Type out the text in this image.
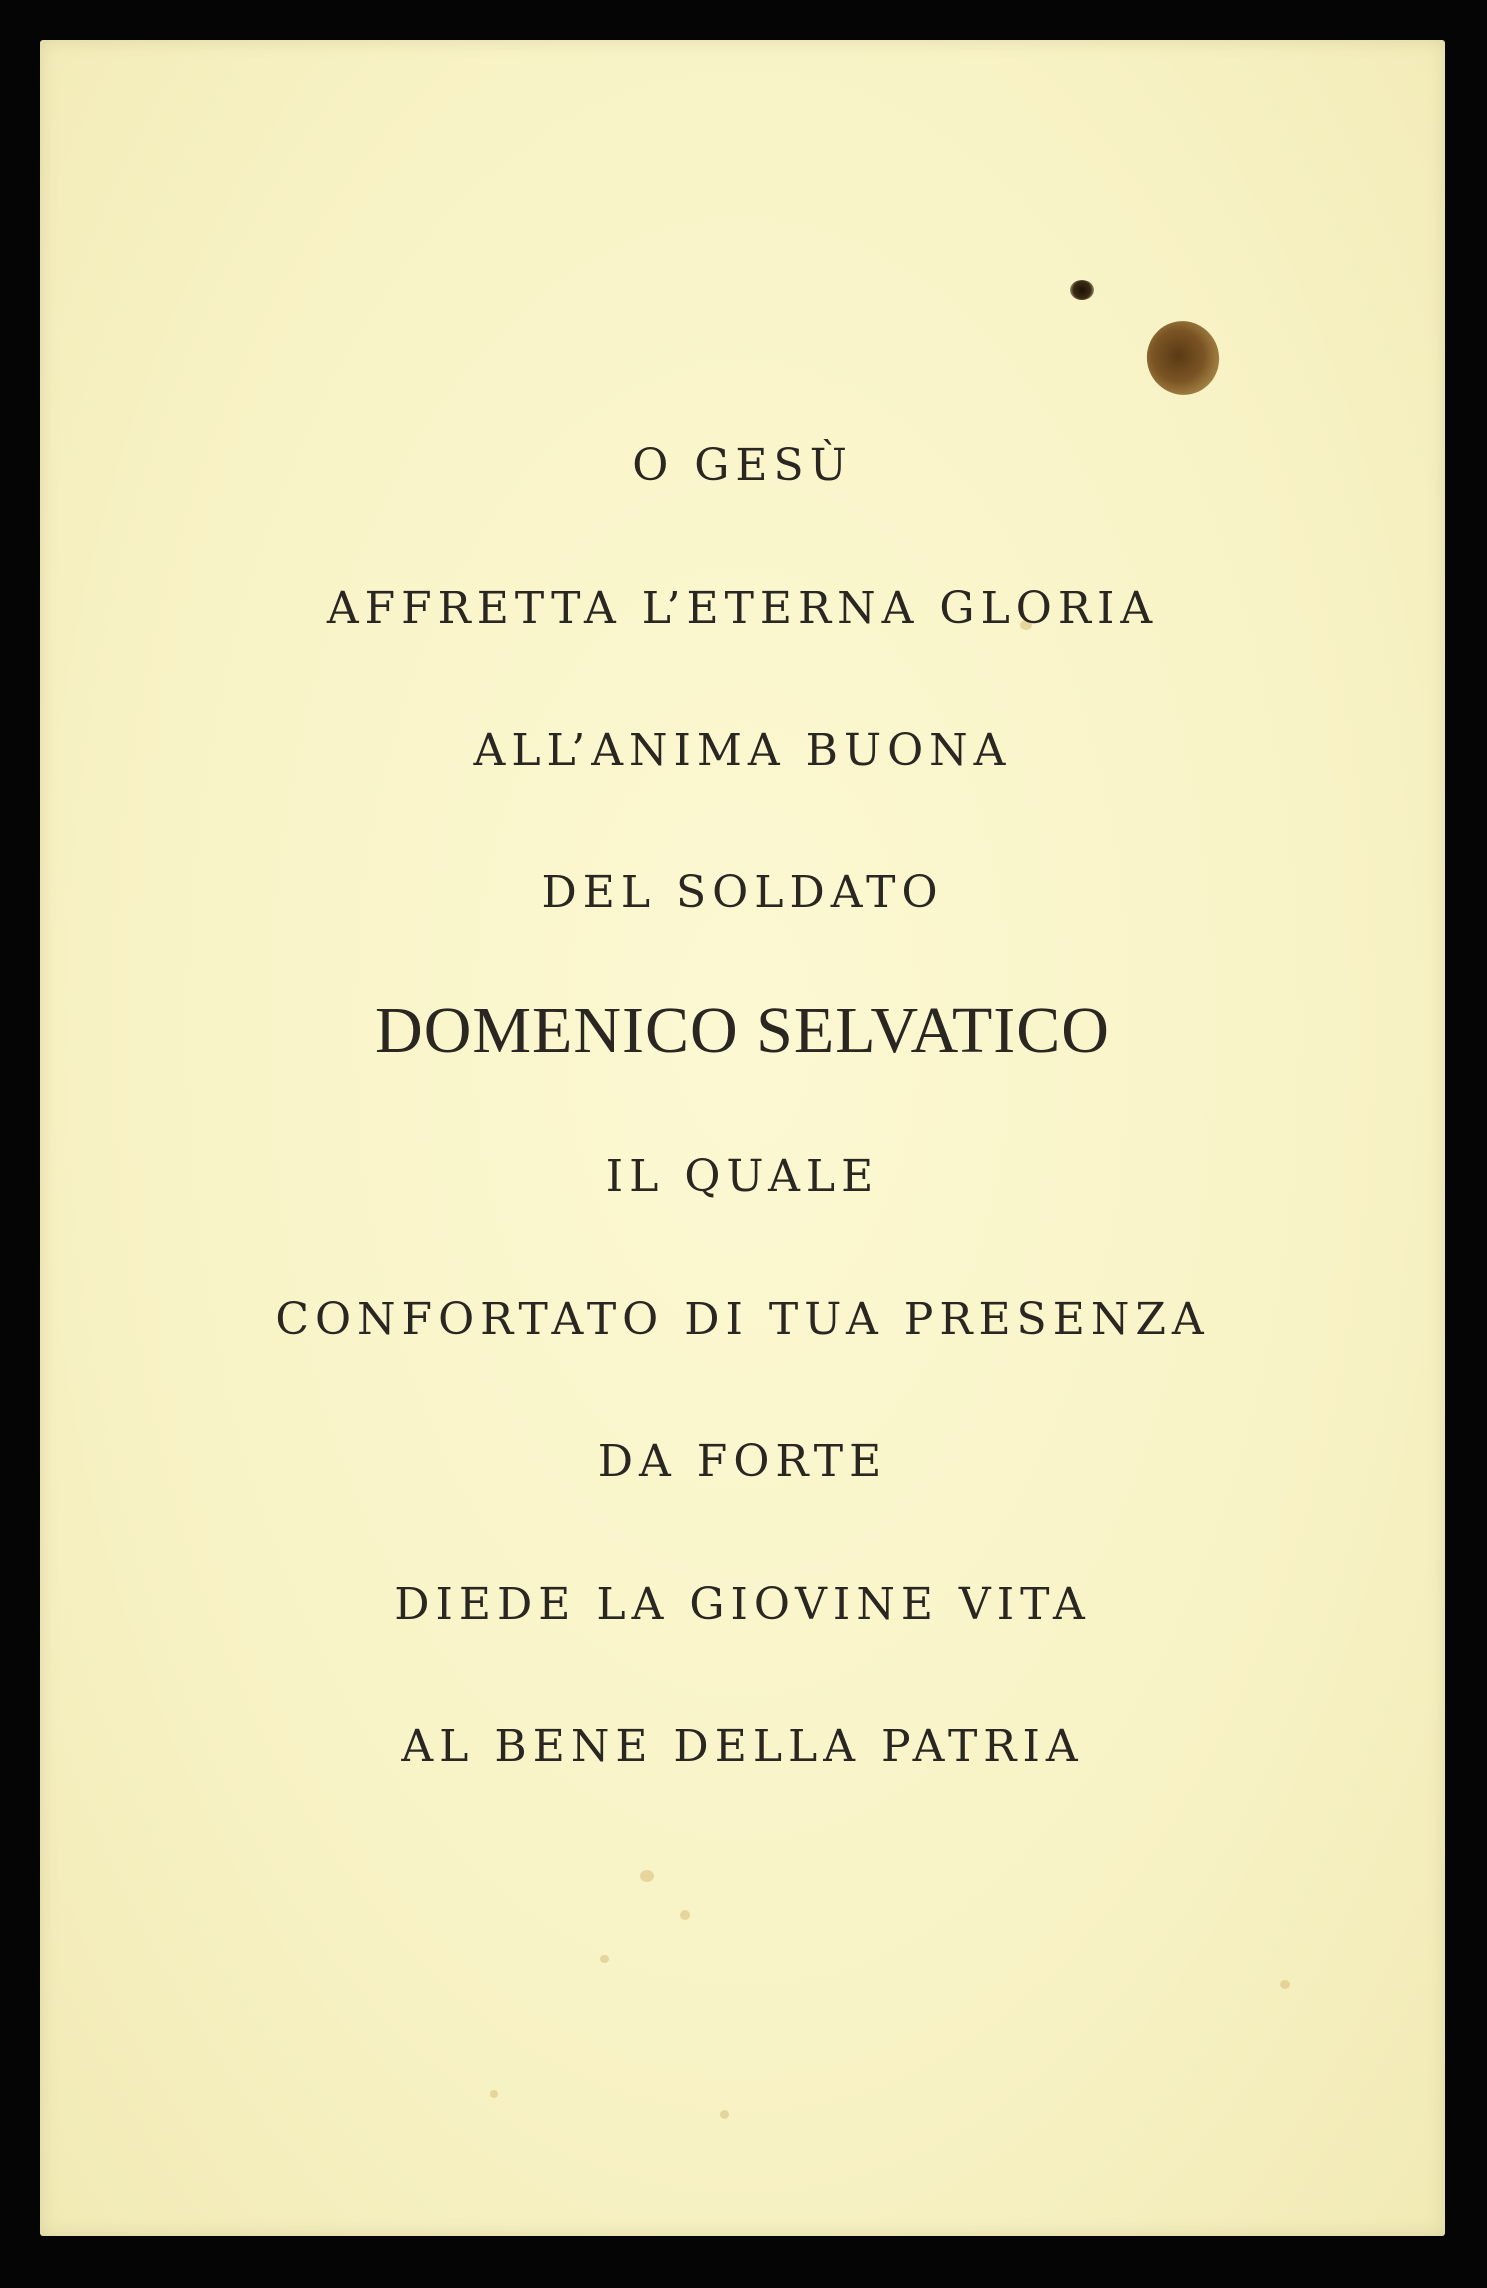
O GESÙ
AFFRETTA L’ETERNA GLORIA
ALL’ANIMA BUONA
DEL SOLDATO
DOMENICO SELVATICO
IL QUALE
CONFORTATO DI TUA PRESENZA
DA FORTE
DIEDE LA GIOVINE VITA
AL BENE DELLA PATRIA
